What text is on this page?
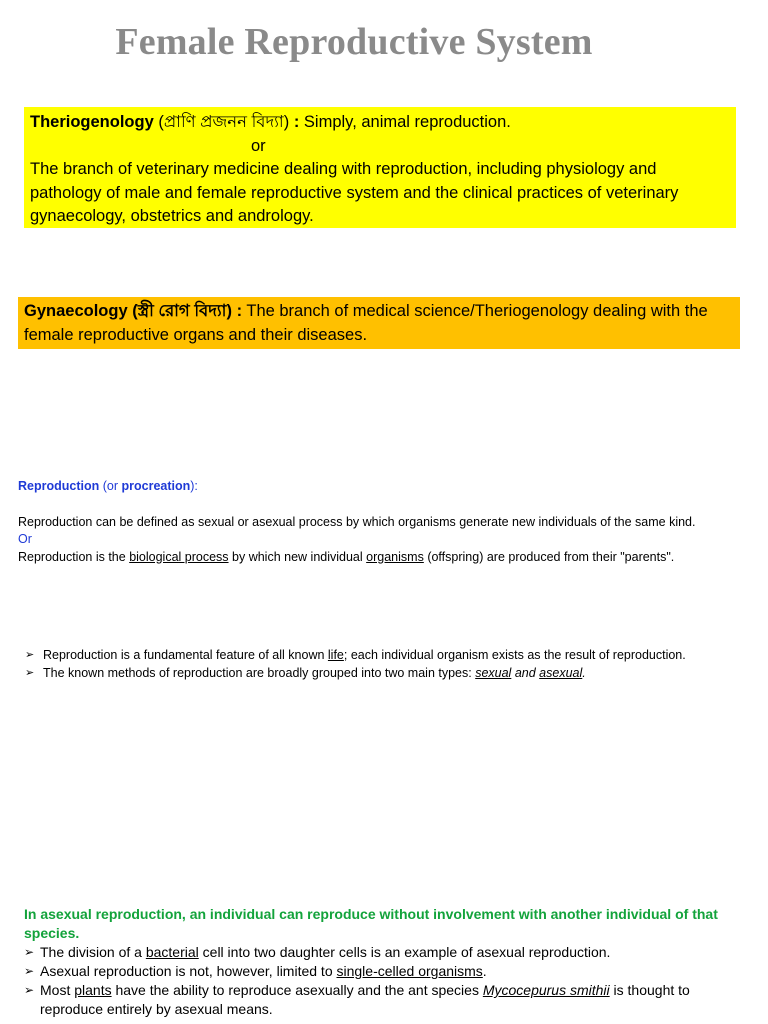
Female Reproductive System
Theriogenology (প্রাণি প্রজনন বিদ্যা) : Simply, animal reproduction.
or
The branch of veterinary medicine dealing with reproduction, including physiology and pathology of male and female reproductive system and the clinical practices of veterinary gynaecology, obstetrics and andrology.
Gynaecology (স্ত্রী রোগ বিদ্যা) : The branch of medical science/Theriogenology dealing with the female reproductive organs and their diseases.
Reproduction (or procreation):
Reproduction can be defined as sexual or asexual process by which organisms generate new individuals of the same kind.
Or
Reproduction is the biological process by which new individual organisms (offspring) are produced from their "parents".
➢ Reproduction is a fundamental feature of all known life; each individual organism exists as the result of reproduction.
➢ The known methods of reproduction are broadly grouped into two main types: sexual and asexual.
In asexual reproduction, an individual can reproduce without involvement with another individual of that species.
➢ The division of a bacterial cell into two daughter cells is an example of asexual reproduction.
➢ Asexual reproduction is not, however, limited to single-celled organisms.
➢ Most plants have the ability to reproduce asexually and the ant species Mycocepurus smithii is thought to reproduce entirely by asexual means.
